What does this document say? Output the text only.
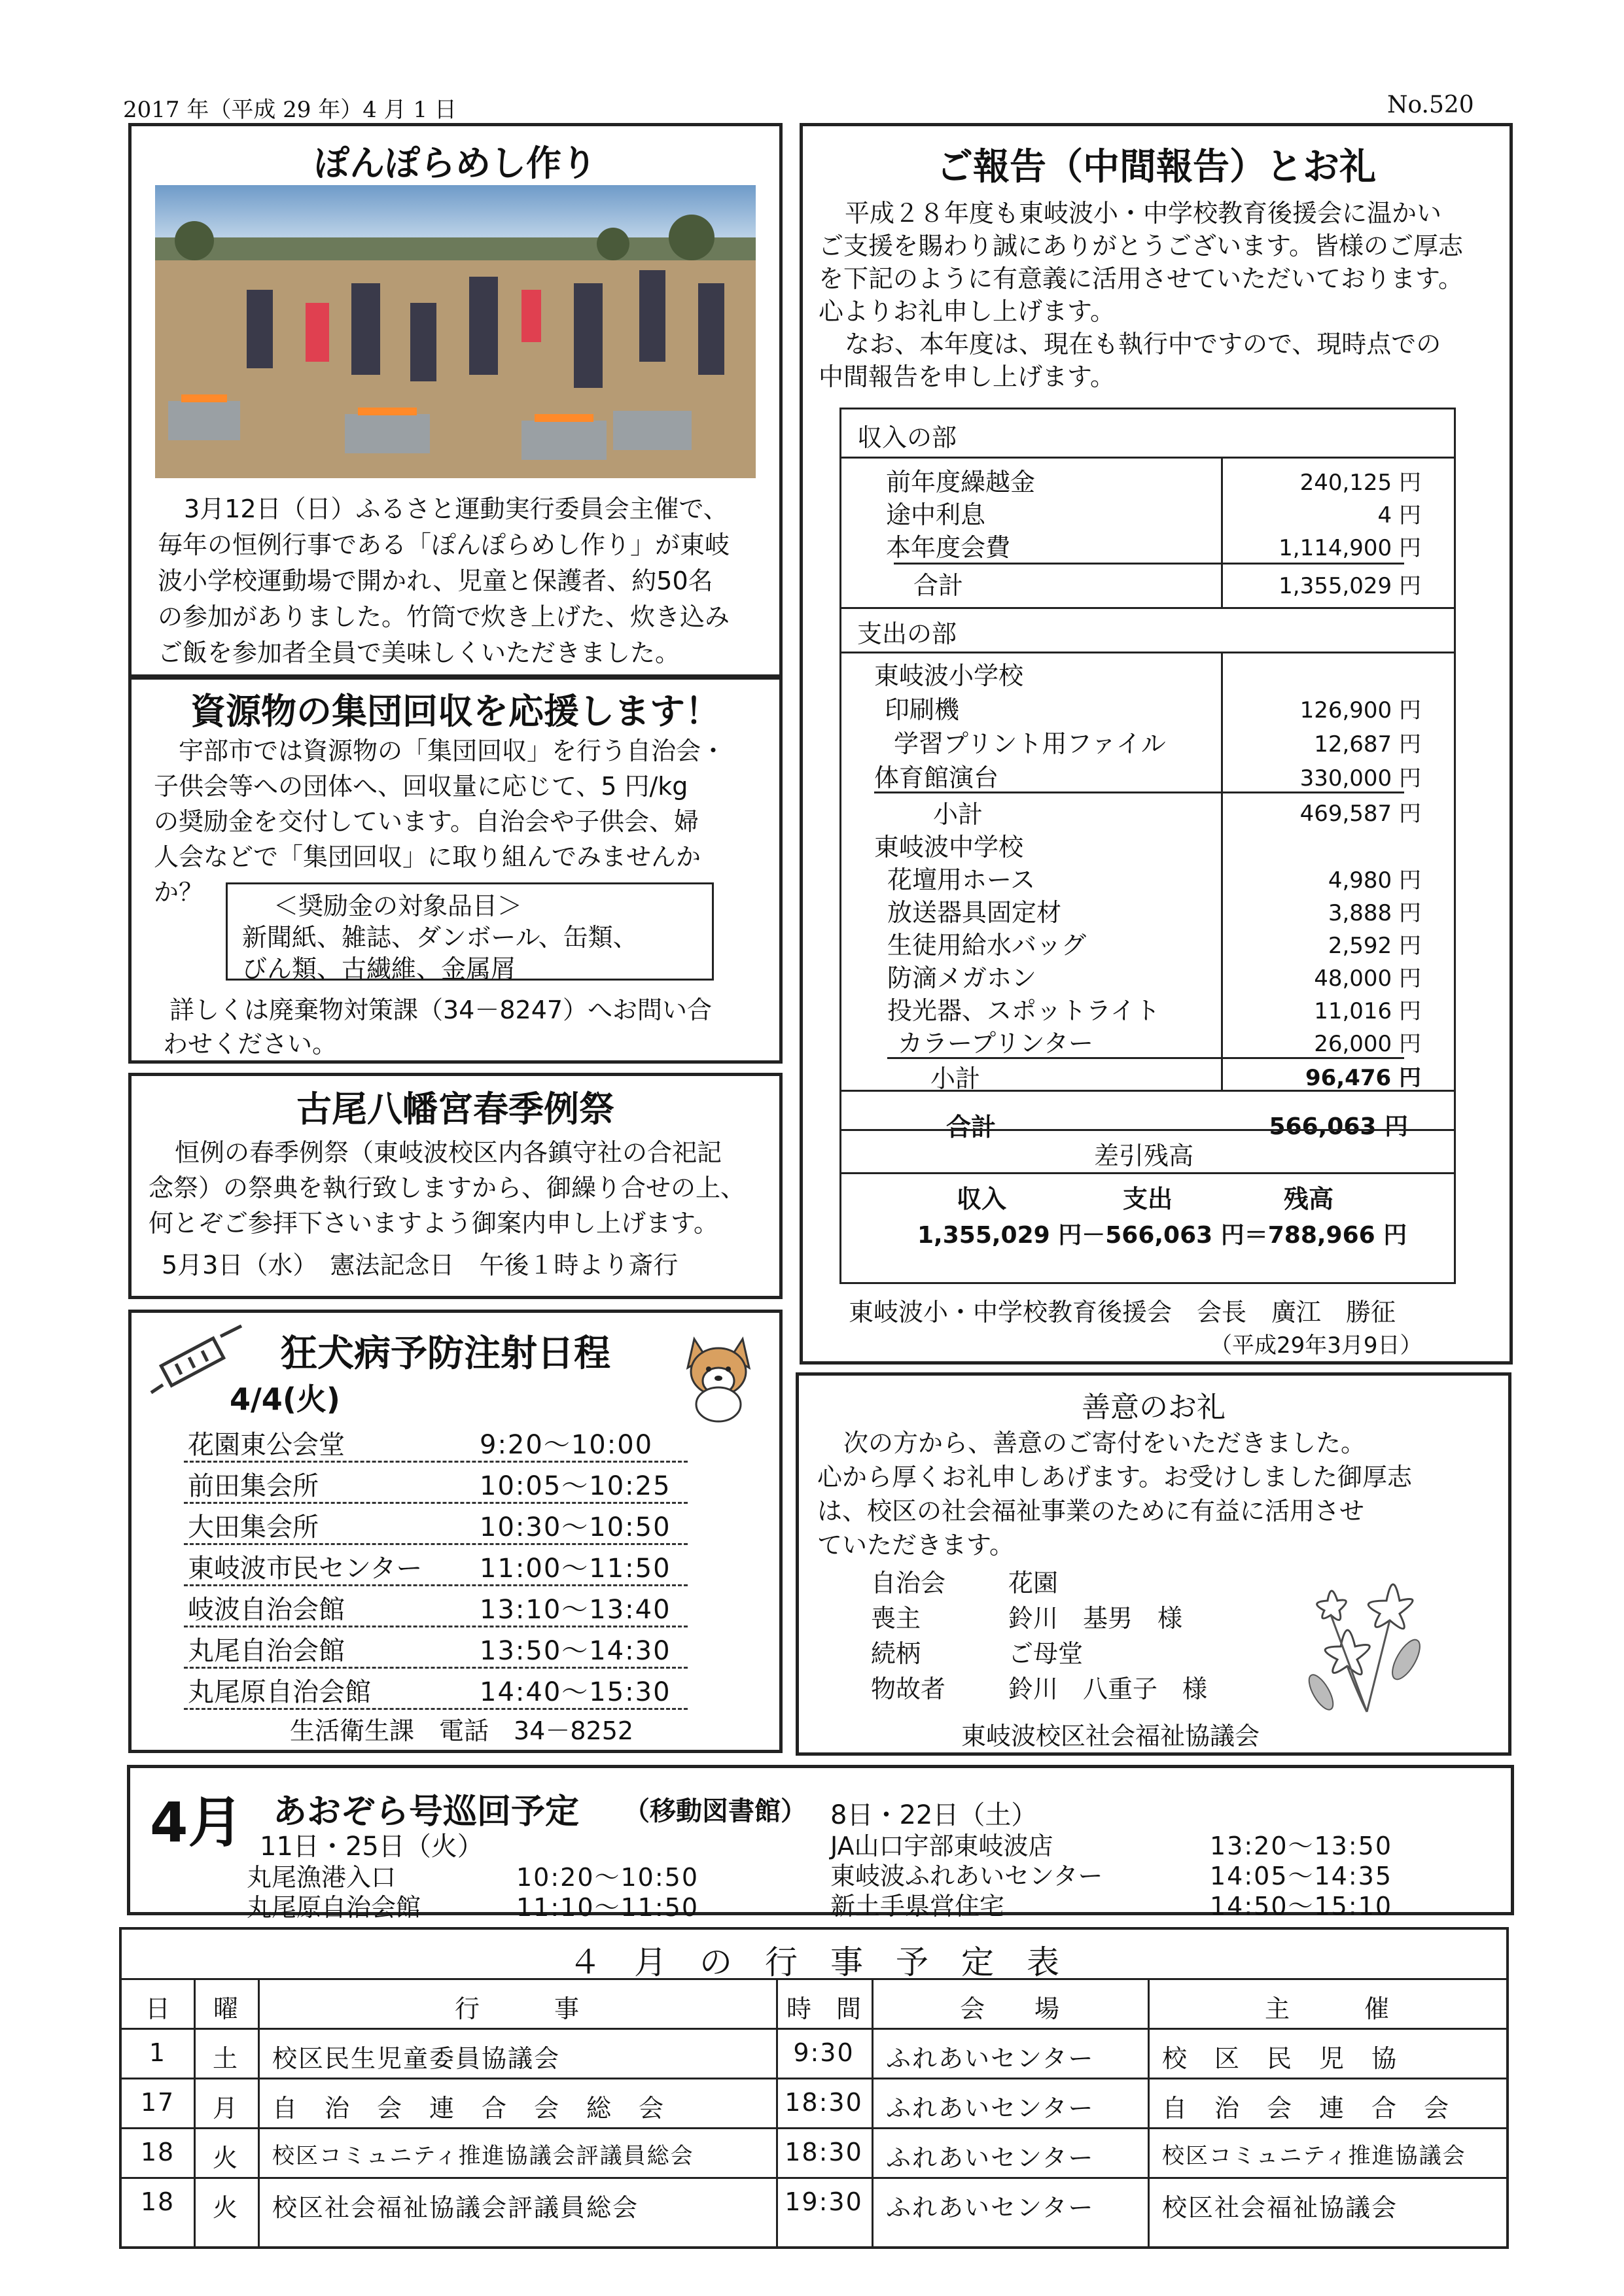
2017 年（平成 29 年）4 月 1 日	No.520
ぽんぽらめし作り
3月12日（日）ふるさと運動実行委員会主催で、
毎年の恒例行事である「ぽんぽらめし作り」が東岐
波小学校運動場で開かれ、児童と保護者、約50名
の参加がありました。竹筒で炊き上げた、炊き込み
ご飯を参加者全員で美味しくいただきました。
資源物の集団回収を応援します！
宇部市では資源物の「集団回収」を行う自治会・
子供会等への団体へ、回収量に応じて、5 円/kg
の奨励金を交付しています。自治会や子供会、婦
人会などで「集団回収」に取り組んでみませんか
か？	＜奨励金の対象品目＞
新聞紙、雑誌、ダンボール、缶類、
びん類、古繊維、金属屑
詳しくは廃棄物対策課（34－8247）へお問い合
わせください。
古尾八幡宮春季例祭
恒例の春季例祭（東岐波校区内各鎮守社の合祀記
念祭）の祭典を執行致しますから、御繰り合せの上、
何とぞご参拝下さいますよう御案内申し上げます。
5月3日（水）　憲法記念日　午後１時より斎行
狂犬病予防注射日程
4/4(火)
花園東公会堂	9:20～10:00
前田集会所	10:05～10:25
大田集会所	10:30～10:50
東岐波市民センター 11:00～11:50
岐波自治会館	13:10～13:40
丸尾自治会館	13:50～14:30
丸尾原自治会館	14:40～15:30
生活衛生課　電話　34－8252
ご報告（中間報告）とお礼
平成２８年度も東岐波小・中学校教育後援会に温かい
ご支援を賜わり誠にありがとうございます。皆様のご厚志
を下記のように有意義に活用させていただいております。
心よりお礼申し上げます。
なお、本年度は、現在も執行中ですので、現時点での
中間報告を申し上げます。
収入の部
前年度繰越金	240,125 円
途中利息	4 円
本年度会費	1,114,900 円
合計	1,355,029 円
支出の部
東岐波小学校
印刷機	126,900 円
学習プリント用ファイル	12,687 円
体育館演台	330,000 円
小計	469,587 円
東岐波中学校
花壇用ホース	4,980 円
放送器具固定材	3,888 円
生徒用給水バッグ	2,592 円
防滴メガホン	48,000 円
投光器、スポットライト	11,016 円
カラープリンター	26,000 円
小計	96,476 円
合計	566,063 円
差引残高
収入	支出	残高
1,355,029 円－566,063 円＝788,966 円
東岐波小・中学校教育後援会　会長　廣江　勝征
（平成29年3月9日）
善意のお礼
次の方から、善意のご寄付をいただきました。
心から厚くお礼申しあげます。お受けしました御厚志
は、校区の社会福祉事業のために有益に活用させ
ていただきます。
自治会	花園
喪主	鈴川　基男　様
続柄	ご母堂
物故者	鈴川　八重子　様
東岐波校区社会福祉協議会
4月 あおぞら号巡回予定 （移動図書館）
11日・25日（火）
8日・22日（土）
丸尾漁港入口	10:20～10:50
丸尾原自治会館	11:10～11:50
JA山口宇部東岐波店	13:20～13:50
東岐波ふれあいセンター	14:05～14:35
新土手県営住宅	14:50～15:10
４　月　の　行　事　予　定　表
日	曜	行　　　事	時　間	会　　場	主　　　催
1	土	校区民生児童委員協議会	9:30	ふれあいセンター	校　区　民　児　協
17	月	自　治　会　連　合　会　総　会	18:30 ふれあいセンター	自　治　会　連　合　会
18	火	校区コミュニティ推進協議会評議員総会	18:30 ふれあいセンター	校区コミュニティ推進協議会
18	火	校区社会福祉協議会評議員総会	19:30 ふれあいセンター	校区社会福祉協議会
